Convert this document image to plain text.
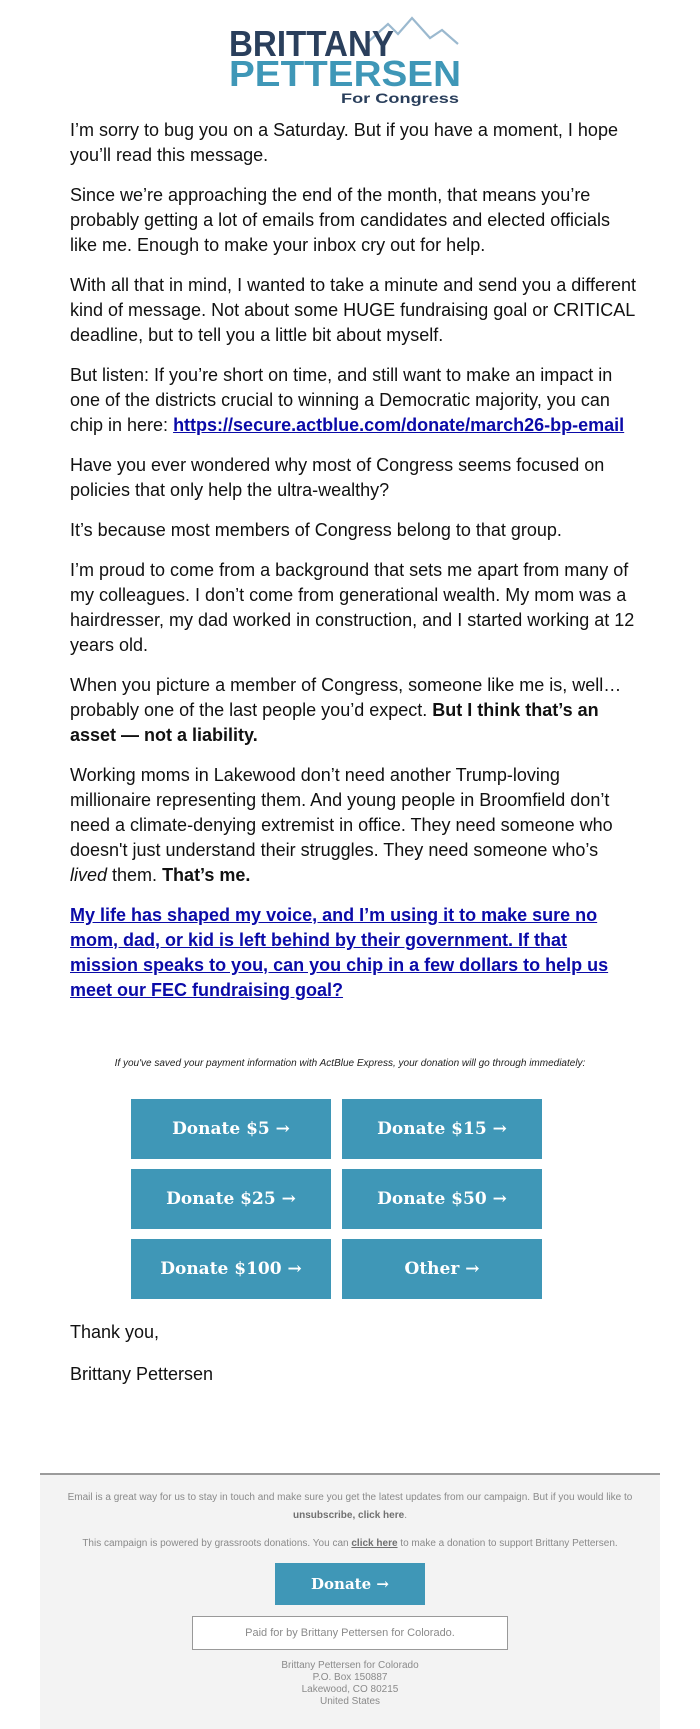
BRITTANY
PETTERSEN
For Congress

I’m sorry to bug you on a Saturday. But if you have a moment, I hope you’ll read this message.

Since we’re approaching the end of the month, that means you’re probably getting a lot of emails from candidates and elected officials like me. Enough to make your inbox cry out for help.

With all that in mind, I wanted to take a minute and send you a different kind of message. Not about some HUGE fundraising goal or CRITICAL deadline, but to tell you a little bit about myself.

But listen: If you’re short on time, and still want to make an impact in one of the districts crucial to winning a Democratic majority, you can chip in here: https://secure.actblue.com/donate/march26-bp-email

Have you ever wondered why most of Congress seems focused on policies that only help the ultra-wealthy?

It’s because most members of Congress belong to that group.

I’m proud to come from a background that sets me apart from many of my colleagues. I don’t come from generational wealth. My mom was a hairdresser, my dad worked in construction, and I started working at 12 years old.

When you picture a member of Congress, someone like me is, well… probably one of the last people you’d expect. But I think that’s an asset — not a liability.

Working moms in Lakewood don’t need another Trump-loving millionaire representing them. And young people in Broomfield don’t need a climate-denying extremist in office. They need someone who doesn't just understand their struggles. They need someone who’s lived them. That’s me.

My life has shaped my voice, and I’m using it to make sure no mom, dad, or kid is left behind by their government. If that mission speaks to you, can you chip in a few dollars to help us meet our FEC fundraising goal?

If you've saved your payment information with ActBlue Express, your donation will go through immediately:
Donate $5 →	Donate $15 →
Donate $25 →	Donate $50 →
Donate $100 →	Other →

Thank you,

Brittany Pettersen

Email is a great way for us to stay in touch and make sure you get the latest updates from our campaign. But if you would like to unsubscribe, click here.
This campaign is powered by grassroots donations. You can click here to make a donation to support Brittany Pettersen.
Donate →
Paid for by Brittany Pettersen for Colorado.
Brittany Pettersen for Colorado
P.O. Box 150887
Lakewood, CO 80215
United States
